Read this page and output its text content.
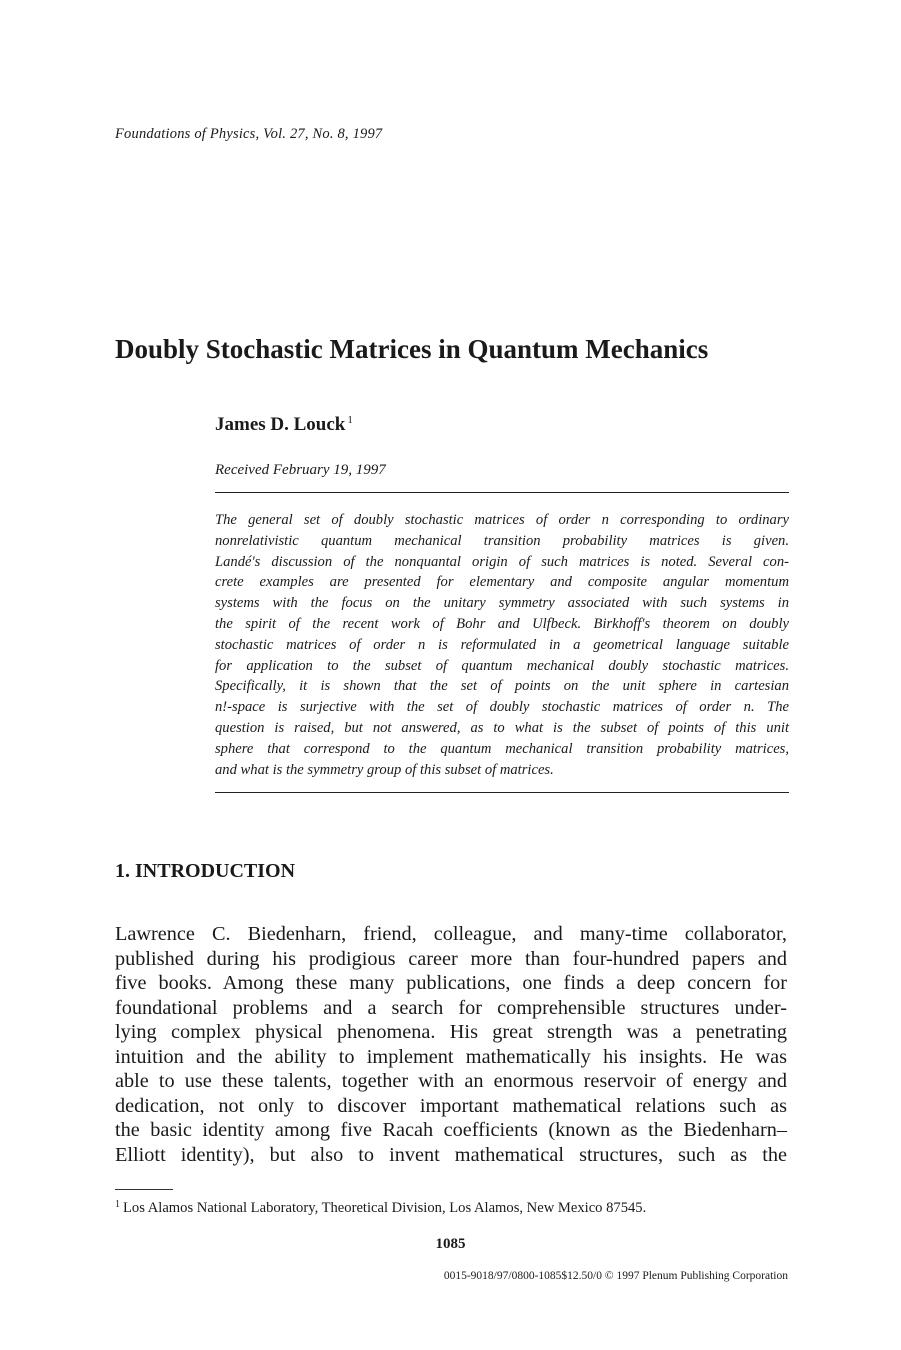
Foundations of Physics, Vol. 27, No. 8, 1997
Doubly Stochastic Matrices in Quantum Mechanics
James D. Louck $^1$
Received February 19, 1997
The general set of doubly stochastic matrices of order n corresponding to ordinary
nonrelativistic quantum mechanical transition probability matrices is given.
Landé's discussion of the nonquantal origin of such matrices is noted. Several con-
crete examples are presented for elementary and composite angular momentum
systems with the focus on the unitary symmetry associated with such systems in
the spirit of the recent work of Bohr and Ulfbeck. Birkhoff's theorem on doubly
stochastic matrices of order n is reformulated in a geometrical language suitable
for application to the subset of quantum mechanical doubly stochastic matrices.
Specifically, it is shown that the set of points on the unit sphere in cartesian
n!-space is surjective with the set of doubly stochastic matrices of order n. The
question is raised, but not answered, as to what is the subset of points of this unit
sphere that correspond to the quantum mechanical transition probability matrices,
and what is the symmetry group of this subset of matrices.
1. INTRODUCTION
Lawrence C. Biedenharn, friend, colleague, and many-time collaborator,
published during his prodigious career more than four-hundred papers and
five books. Among these many publications, one finds a deep concern for
foundational problems and a search for comprehensible structures under-
lying complex physical phenomena. His great strength was a penetrating
intuition and the ability to implement mathematically his insights. He was
able to use these talents, together with an enormous reservoir of energy and
dedication, not only to discover important mathematical relations such as
the basic identity among five Racah coefficients (known as the Biedenharn–
Elliott identity), but also to invent mathematical structures, such as the
$^1$ Los Alamos National Laboratory, Theoretical Division, Los Alamos, New Mexico 87545.
1085
0015-9018/97/0800-1085$12.50/0 © 1997 Plenum Publishing Corporation
